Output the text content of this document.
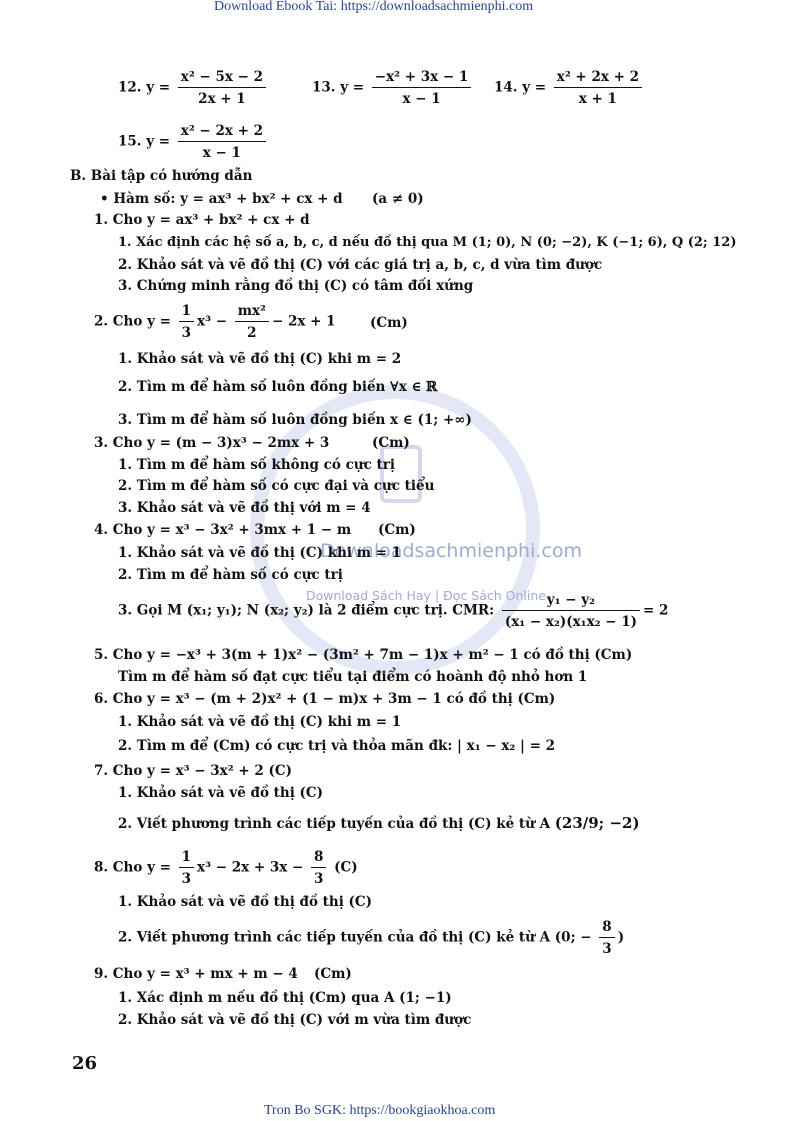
Download Ebook Tai: https://downloadsachmienphi.com
Tron Bo SGK: https://bookgiaokhoa.com
Downloadsachmienphi.com
Download Sách Hay | Đọc Sách Online
12. $y = \frac{\text{x² − 5x − 2}}{2x + 1}$	13. $y = \frac{\text{−x² + 3x − 1}}{x - 1} 14$. $y = \frac{\text{x² + 2x + 2}}{x + 1}$
15. $y = \frac{\text{x² − 2x + 2}}{x - 1}$
B. Bài tập có hướng dẫn
• Hàm số: y = ax³ + bx² + cx + d (a ≠ 0)
1. Cho y = ax³ + bx² + cx + d
1. Xác định các hệ số a, b, c, d nếu đồ thị qua M (1; 0), N (0; −2), K (−1; 6), Q (2; 12)
2. Khảo sát và vẽ đồ thị (C) với các giá trị a, b, c, d vừa tìm được
3. Chứng minh rằng đồ thị (C) có tâm đối xứng
2. Cho $y = \frac{1}{3} x^3 - \frac{\text{mx²}}{2} - 2x + 1$	(Cm)
1. Khảo sát và vẽ đồ thị (C) khi m = 2
2. Tìm m để hàm số luôn đồng biến ∀x ∈ ℝ
3. Tìm m để hàm số luôn đồng biến x ∈ (1; +∞)
3. Cho y = (m − 3)x³ − 2mx + 3	(Cm)
1. Tìm m để hàm số không có cực trị
2. Tìm m để hàm số có cực đại và cực tiểu
3. Khảo sát và vẽ đồ thị với m = 4
4. Cho y = x³ − 3x² + 3mx + 1 − m (Cm)
1. Khảo sát và vẽ đồ thị (C) khi m = 1
2. Tìm m để hàm số có cực trị
3. Gọi M (x₁; y₁); N (x₂; y₂) là 2 điểm cực trị. CMR: $\frac{\text{y₁ − y₂}}{\text{(x₁ − x₂)(x₁x₂ − 1)}} = 2$
5. Cho y = −x³ + 3(m + 1)x² − (3m² + 7m − 1)x + m² − 1 có đồ thị (Cm)
Tìm m để hàm số đạt cực tiểu tại điểm có hoành độ nhỏ hơn 1
6. Cho y = x³ − (m + 2)x² + (1 − m)x + 3m − 1 có đồ thị (Cm)
1. Khảo sát và vẽ đồ thị (C) khi m = 1
2. Tìm m để (Cm) có cực trị và thỏa mãn đk: | x₁ − x₂ | = 2
7. Cho y = x³ − 3x² + 2 (C)
1. Khảo sát và vẽ đồ thị (C)
2. Viết phương trình các tiếp tuyến của đồ thị (C) kẻ từ A (23/9; −2)
8. Cho $y = \frac{1}{3} x^3 - 2x + 3x - \frac{8}{3} (C)$
1. Khảo sát và vẽ đồ thị đồ thị (C)
2. Viết phương trình các tiếp tuyến của đồ thị (C) kẻ từ A (0; − $\frac{8}{3}$ )
9. Cho y = x³ + mx + m − 4 (Cm)
1. Xác định m nếu đồ thị (Cm) qua A (1; −1)
2. Khảo sát và vẽ đồ thị (C) với m vừa tìm được
26
